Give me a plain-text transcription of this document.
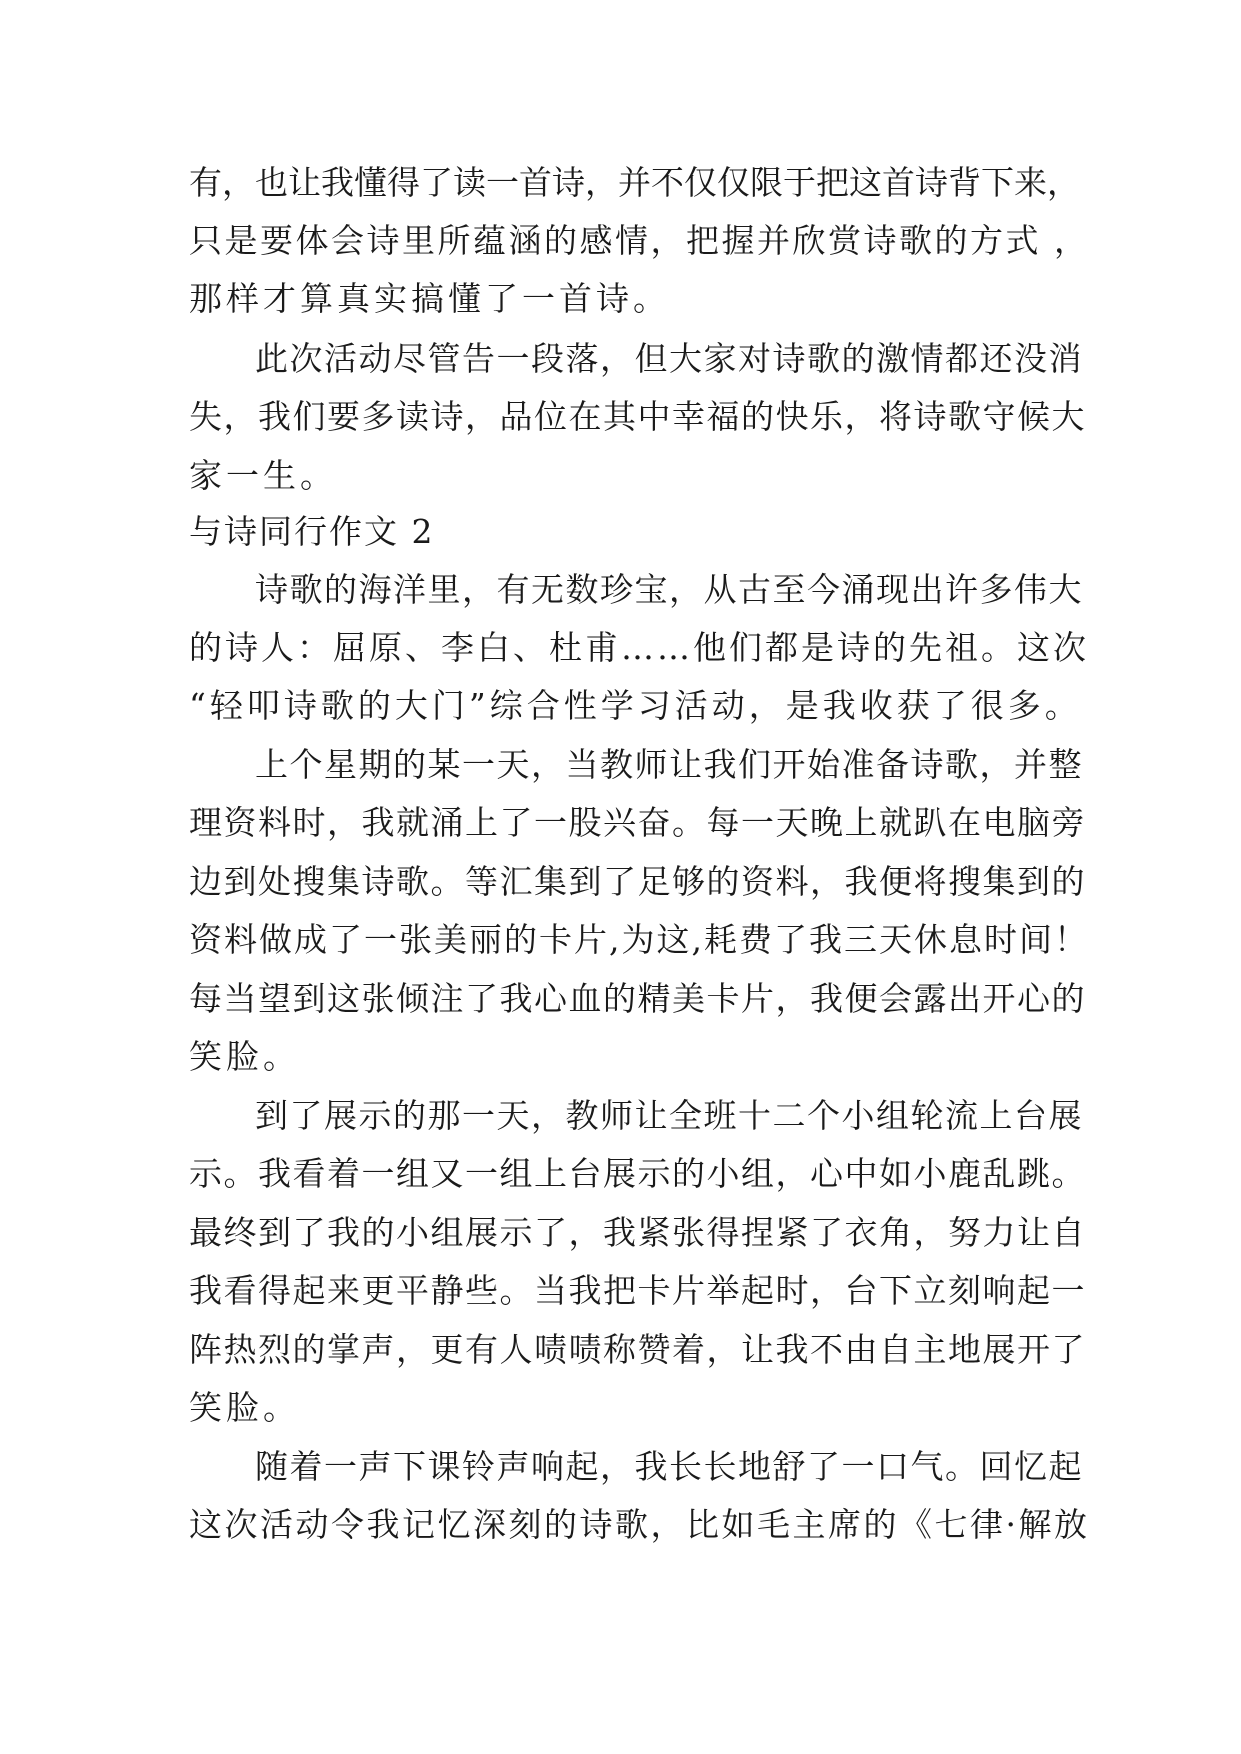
有，也让我懂得了读一首诗，并不仅仅限于把这首诗背下来，
只是要体会诗里所蕴涵的感情，把握并欣赏诗歌的方式 ，
那样才算真实搞懂了一首诗。
此次活动尽管告一段落，但大家对诗歌的激情都还没消
失，我们要多读诗，品位在其中幸福的快乐，将诗歌守候大
家一生。
与诗同行作文 2
诗歌的海洋里，有无数珍宝，从古至今涌现出许多伟大
的诗人：屈原、李白、杜甫……他们都是诗的先祖。这次
“轻叩诗歌的大门”综合性学习活动，是我收获了很多。
上个星期的某一天，当教师让我们开始准备诗歌，并整
理资料时，我就涌上了一股兴奋。每一天晚上就趴在电脑旁
边到处搜集诗歌。等汇集到了足够的资料，我便将搜集到的
资料做成了一张美丽的卡片,为这,耗费了我三天休息时间！
每当望到这张倾注了我心血的精美卡片，我便会露出开心的
笑脸。
到了展示的那一天，教师让全班十二个小组轮流上台展
示。我看着一组又一组上台展示的小组，心中如小鹿乱跳。
最终到了我的小组展示了，我紧张得捏紧了衣角，努力让自
我看得起来更平静些。当我把卡片举起时，台下立刻响起一
阵热烈的掌声，更有人啧啧称赞着，让我不由自主地展开了
笑脸。
随着一声下课铃声响起，我长长地舒了一口气。回忆起
这次活动令我记忆深刻的诗歌，比如毛主席的《七律·解放
